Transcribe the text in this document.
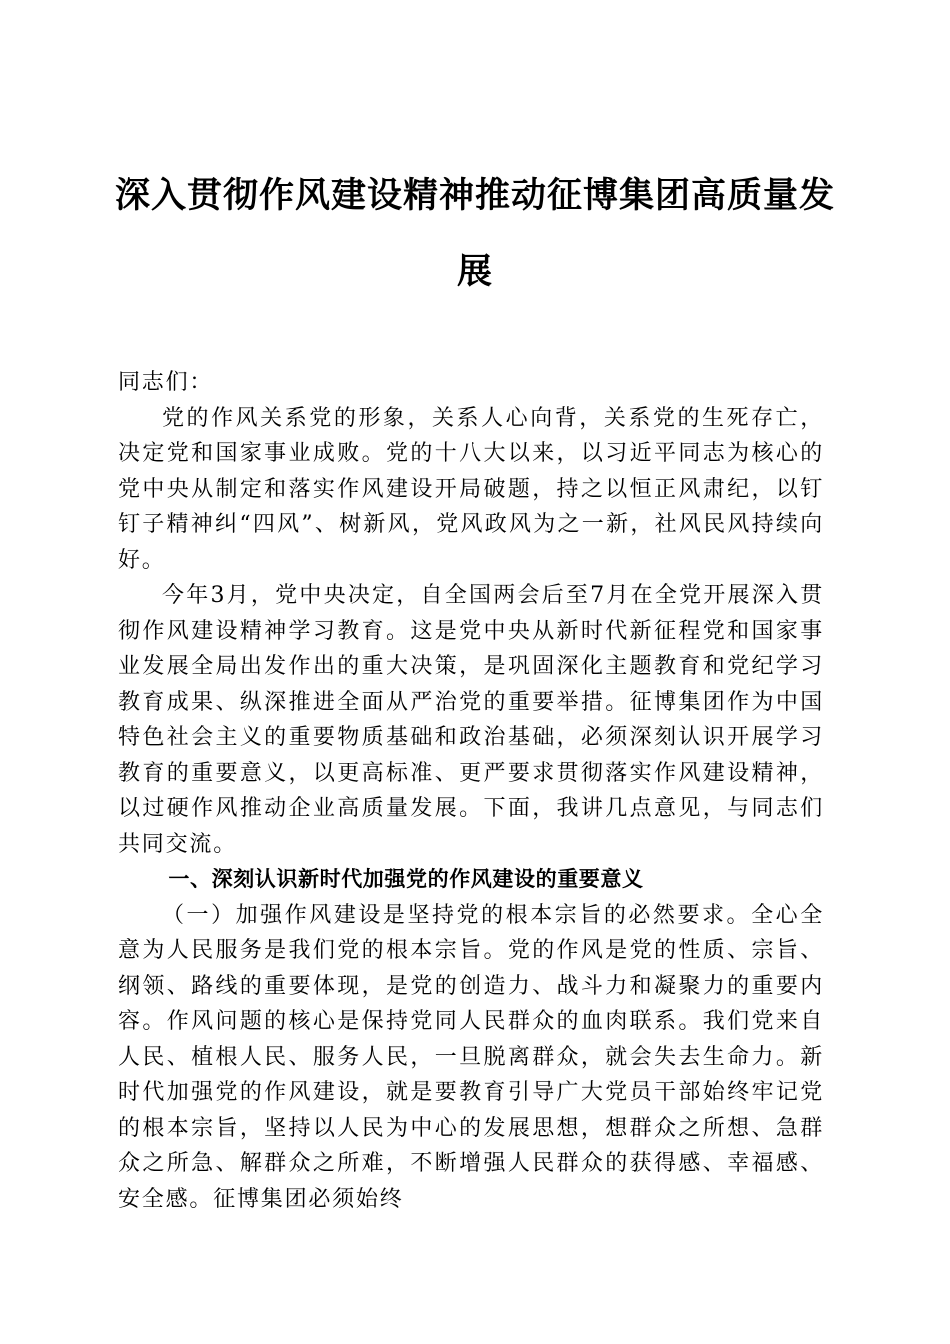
深入贯彻作风建设精神推动征博集团高质量发
展

同志们：

党的作风关系党的形象，关系人心向背，关系党的生死存亡，决定党和国家事业成败。党的十八大以来，以习近平同志为核心的党中央从制定和落实作风建设开局破题，持之以恒正风肃纪，以钉钉子精神纠“四风”、树新风，党风政风为之一新，社风民风持续向好。

今年3月，党中央决定，自全国两会后至7月在全党开展深入贯彻作风建设精神学习教育。这是党中央从新时代新征程党和国家事业发展全局出发作出的重大决策，是巩固深化主题教育和党纪学习教育成果、纵深推进全面从严治党的重要举措。征博集团作为中国特色社会主义的重要物质基础和政治基础，必须深刻认识开展学习教育的重要意义，以更高标准、更严要求贯彻落实作风建设精神，以过硬作风推动企业高质量发展。下面，我讲几点意见，与同志们共同交流。

一、深刻认识新时代加强党的作风建设的重要意义

（一）加强作风建设是坚持党的根本宗旨的必然要求。全心全意为人民服务是我们党的根本宗旨。党的作风是党的性质、宗旨、纲领、路线的重要体现，是党的创造力、战斗力和凝聚力的重要内容。作风问题的核心是保持党同人民群众的血肉联系。我们党来自人民、植根人民、服务人民，一旦脱离群众，就会失去生命力。新时代加强党的作风建设，就是要教育引导广大党员干部始终牢记党的根本宗旨，坚持以人民为中心的发展思想，想群众之所想、急群众之所急、解群众之所难，不断增强人民群众的获得感、幸福感、安全感。征博集团必须始终
